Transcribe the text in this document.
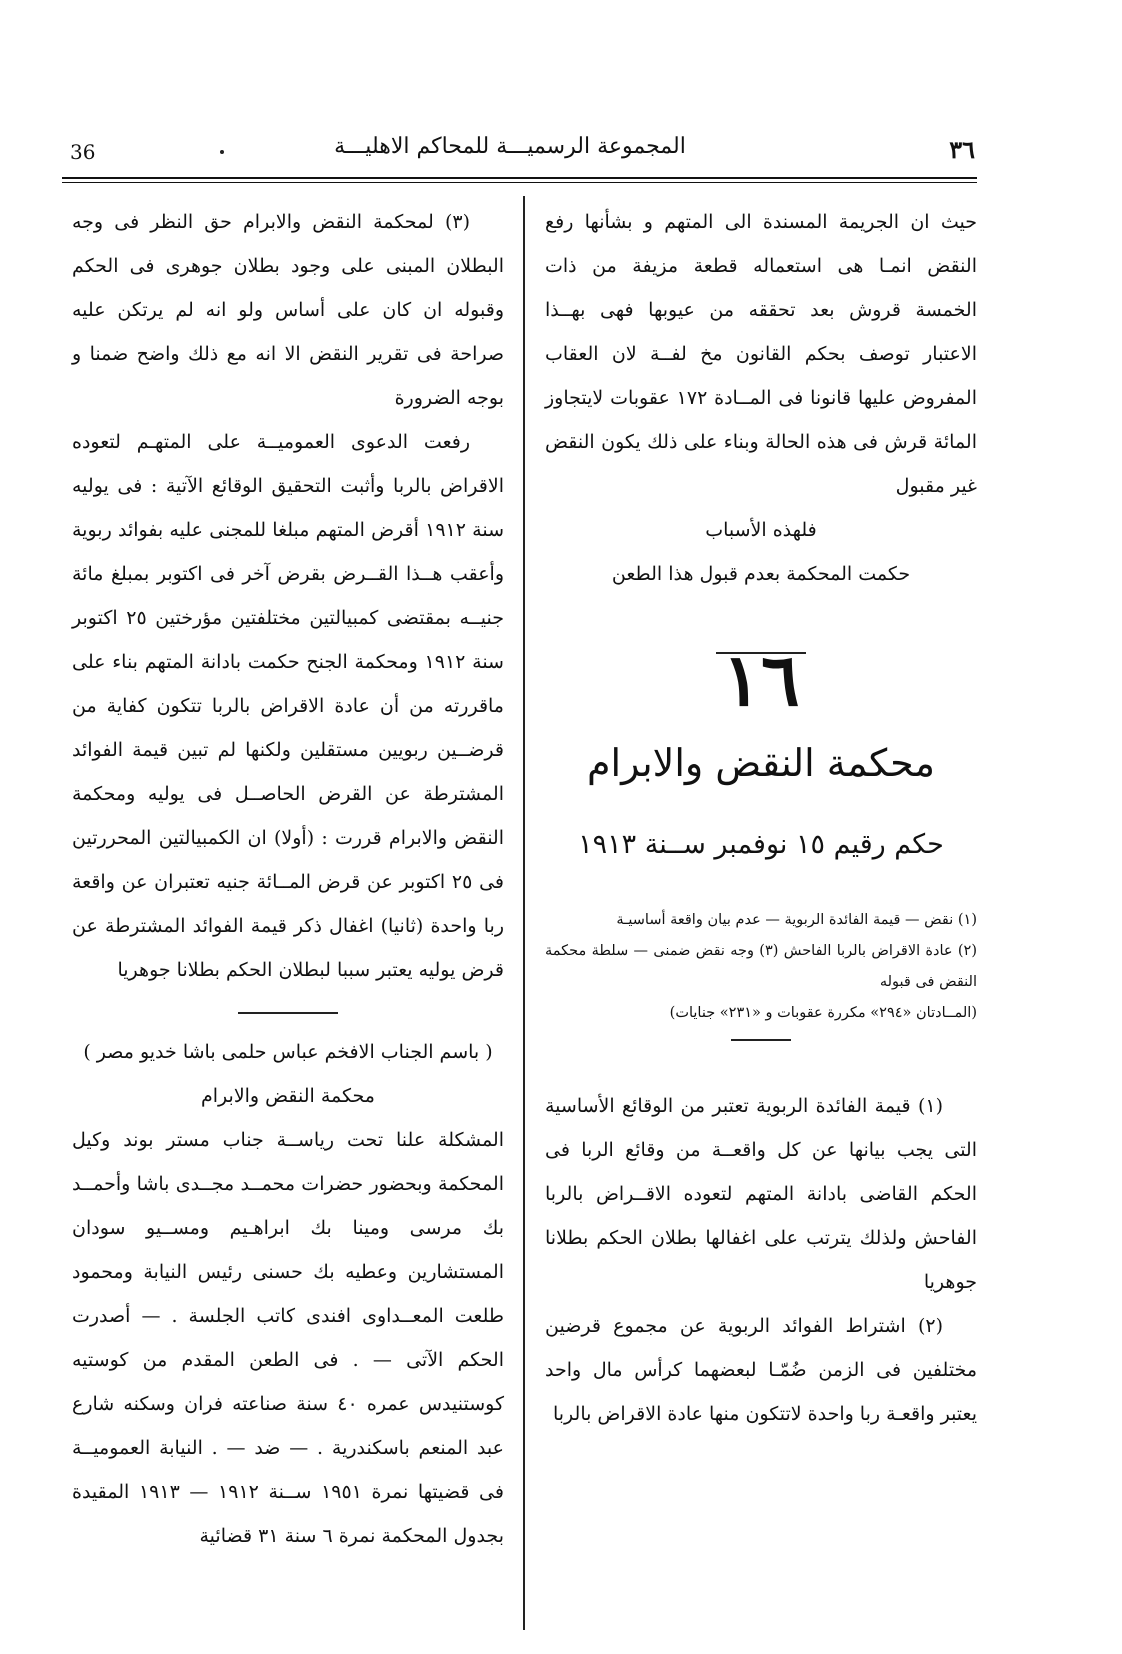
٣٦
المجموعة الرسميـــة للمحاكم الاهليـــة
36

حيث ان الجريمة المسندة الى المتهم و بشأنها رفع النقض انمـا هى استعماله قطعة مزيفة من ذات الخمسة قروش بعد تحققه من عيوبها فهى بهــذا الاعتبار توصف بحكم القانون مخ لفــة لان العقاب المفروض عليها قانونا فى المــادة ١٧٢ عقوبات لايتجاوز المائة قرش فى هذه الحالة وبناء على ذلك يكون النقض غير مقبول

فلهذه الأسباب

حكمت المحكمة بعدم قبول هذا الطعن

١٦
محكمة النقض والابرام
حكم رقيم ١٥ نوفمبر ســنة ١٩١٣

(١) نقض — قيمة الفائدة الربوية — عدم بيان واقعة أساسيـة

(٢) عادة الاقراض بالربا الفاحش (٣) وجه نقض ضمنى — سلطة محكمة النقض فى قبوله

(المــادتان «٢٩٤» مكررة عقوبات و «٢٣١» جنايات)

(١) قيمة الفائدة الربوية تعتبر من الوقائع الأساسية التى يجب بيانها عن كل واقعــة من وقائع الربا فى الحكم القاضى بادانة المتهم لتعوده الاقــراض بالربا الفاحش ولذلك يترتب على اغفالها بطلان الحكم بطلانا جوهريا

(٢) اشتراط الفوائد الربوية عن مجموع قرضين مختلفين فى الزمن ضُمّـا لبعضهما كرأس مال واحد يعتبر واقعـة ربا واحدة لاتتكون منها عادة الاقراض بالربا

(٣) لمحكمة النقض والابرام حق النظر فى وجه البطلان المبنى على وجود بطلان جوهرى فى الحكم وقبوله ان كان على أساس ولو انه لم يرتكن عليه صراحة فى تقرير النقض الا انه مع ذلك واضح ضمنا و بوجه الضرورة

رفعت الدعوى العموميــة على المتهـم لتعوده الاقراض بالربا وأثبت التحقيق الوقائع الآتية : فى يوليه سنة ١٩١٢ أقرض المتهم مبلغا للمجنى عليه بفوائد ربوية وأعقب هــذا القــرض بقرض آخر فى اكتوبر بمبلغ مائة جنيــه بمقتضى كمبيالتين مختلفتين مؤرختين ٢٥ اكتوبر سنة ١٩١٢ ومحكمة الجنح حكمت بادانة المتهم بناء على ماقررته من أن عادة الاقراض بالربا تتكون كفاية من قرضــين ربويين مستقلين ولكنها لم تبين قيمة الفوائد المشترطة عن القرض الحاصــل فى يوليه ومحكمة النقض والابرام قررت : (أولا) ان الكمبيالتين المحررتين فى ٢٥ اكتوبر عن قرض المــائة جنيه تعتبران عن واقعة ربا واحدة (ثانيا) اغفال ذكر قيمة الفوائد المشترطة عن قرض يوليه يعتبر سببا لبطلان الحكم بطلانا جوهريا

( باسم الجناب الافخم عباس حلمى باشا خديو مصر )

محكمة النقض والابرام

المشكلة علنا تحت رياســة جناب مستر بوند وكيل المحكمة وبحضور حضرات محمــد مجــدى باشا وأحمــد بك مرسى ومينا بك ابراهـيم ومســيو سودان المستشارين وعطيه بك حسنى رئيس النيابة ومحمود طلعت المعــداوى افندى كاتب الجلسة . — أصدرت الحكم الآتى — . فى الطعن المقدم من كوستيه كوستنيدس عمره ٤٠ سنة صناعته فران وسكنه شارع عبد المنعم باسكندرية . — ضد — . النيابة العموميــة فى قضيتها نمرة ١٩٥١ ســنة ١٩١٢ — ١٩١٣ المقيدة بجدول المحكمة نمرة ٦ سنة ٣١ قضائية
